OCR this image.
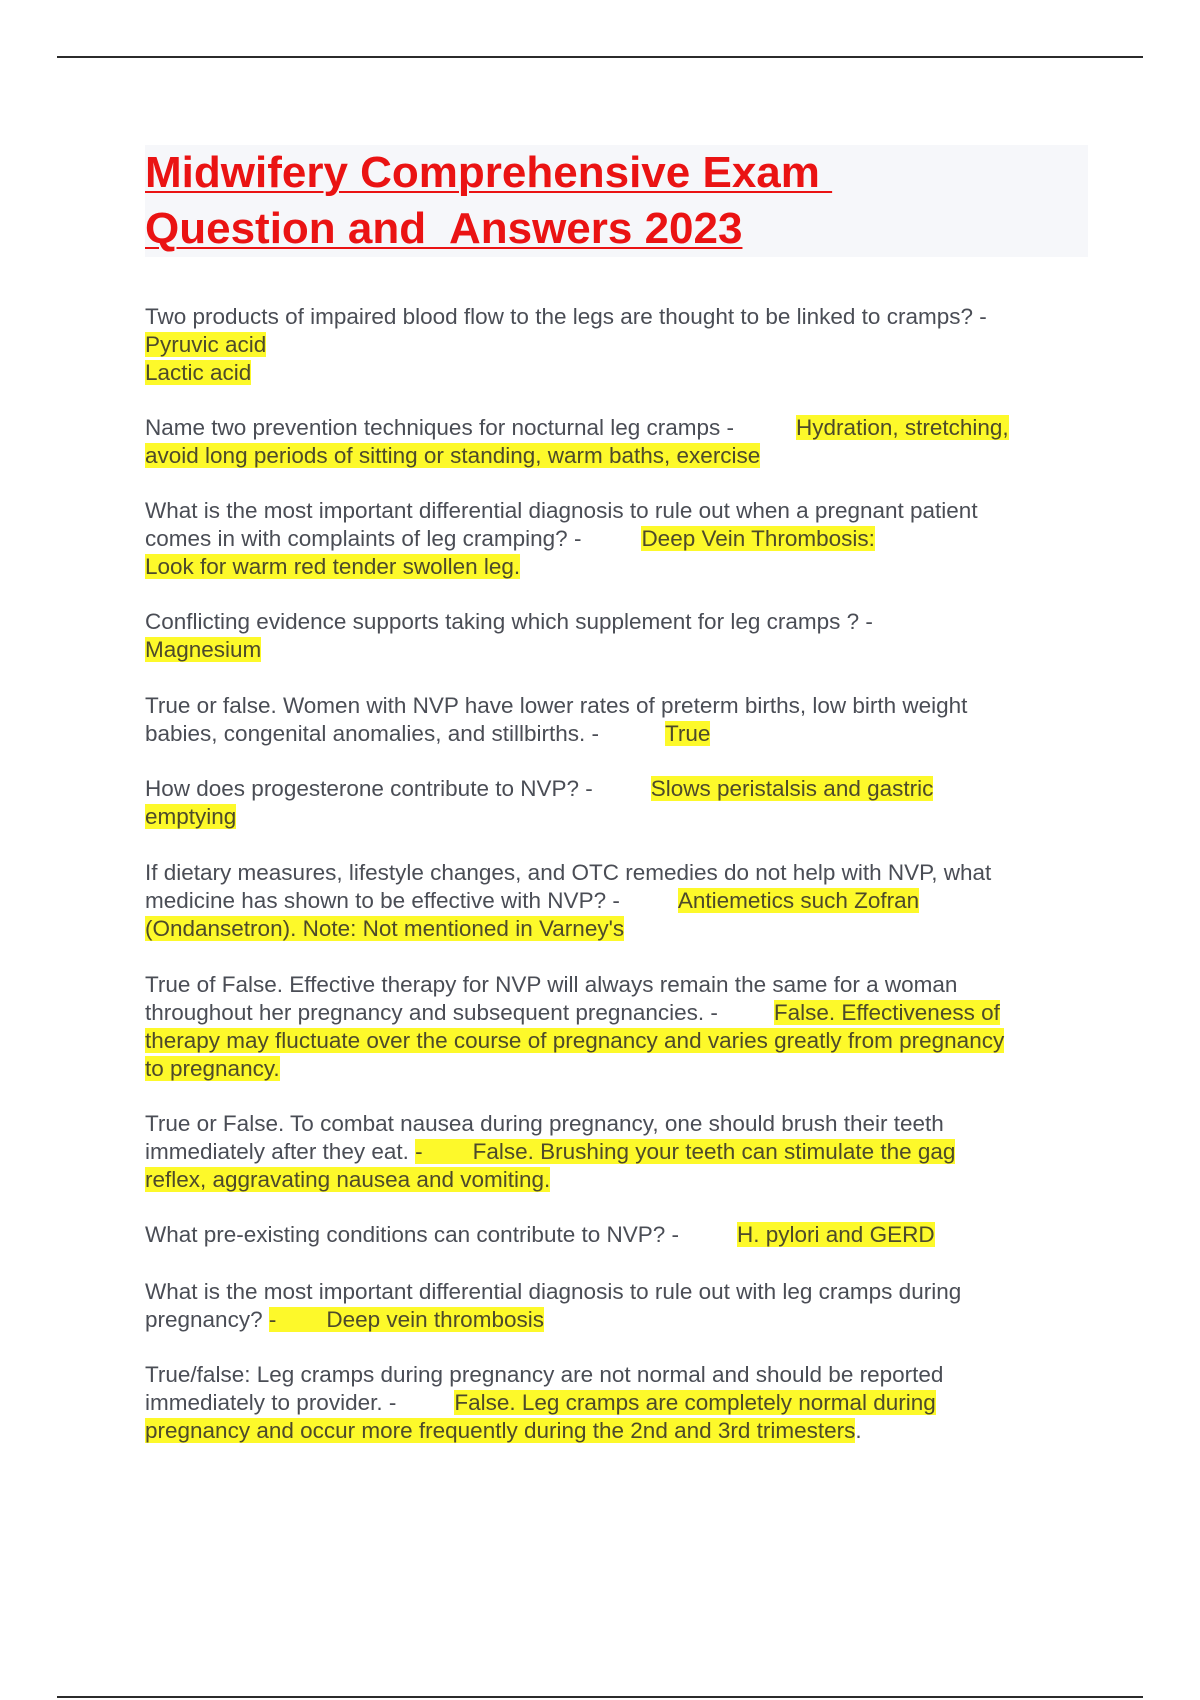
Midwifery Comprehensive Exam
Question and  Answers 2023
Two products of impaired blood flow to the legs are thought to be linked to cramps? -
Pyruvic acid
Lactic acid
Name two prevention techniques for nocturnal leg cramps -	Hydration, stretching,
avoid long periods of sitting or standing, warm baths, exercise
What is the most important differential diagnosis to rule out when a pregnant patient
comes in with complaints of leg cramping? -	Deep Vein Thrombosis:
Look for warm red tender swollen leg.
Conflicting evidence supports taking which supplement for leg cramps ? -
Magnesium
True or false. Women with NVP have lower rates of preterm births, low birth weight
babies, congenital anomalies, and stillbirths. -	True
How does progesterone contribute to NVP? -	Slows peristalsis and gastric
emptying
If dietary measures, lifestyle changes, and OTC remedies do not help with NVP, what
medicine has shown to be effective with NVP? -	Antiemetics such Zofran
(Ondansetron). Note: Not mentioned in Varney's
True of False. Effective therapy for NVP will always remain the same for a woman
throughout her pregnancy and subsequent pregnancies. - False. Effectiveness of
therapy may fluctuate over the course of pregnancy and varies greatly from pregnancy
to pregnancy.
True or False. To combat nausea during pregnancy, one should brush their teeth
immediately after they eat. -        False. Brushing your teeth can stimulate the gag
reflex, aggravating nausea and vomiting.
What pre-existing conditions can contribute to NVP? -	H. pylori and GERD
What is the most important differential diagnosis to rule out with leg cramps during
pregnancy? -        Deep vein thrombosis
True/false: Leg cramps during pregnancy are not normal and should be reported
immediately to provider. -	False. Leg cramps are completely normal during
pregnancy and occur more frequently during the 2nd and 3rd trimesters.
